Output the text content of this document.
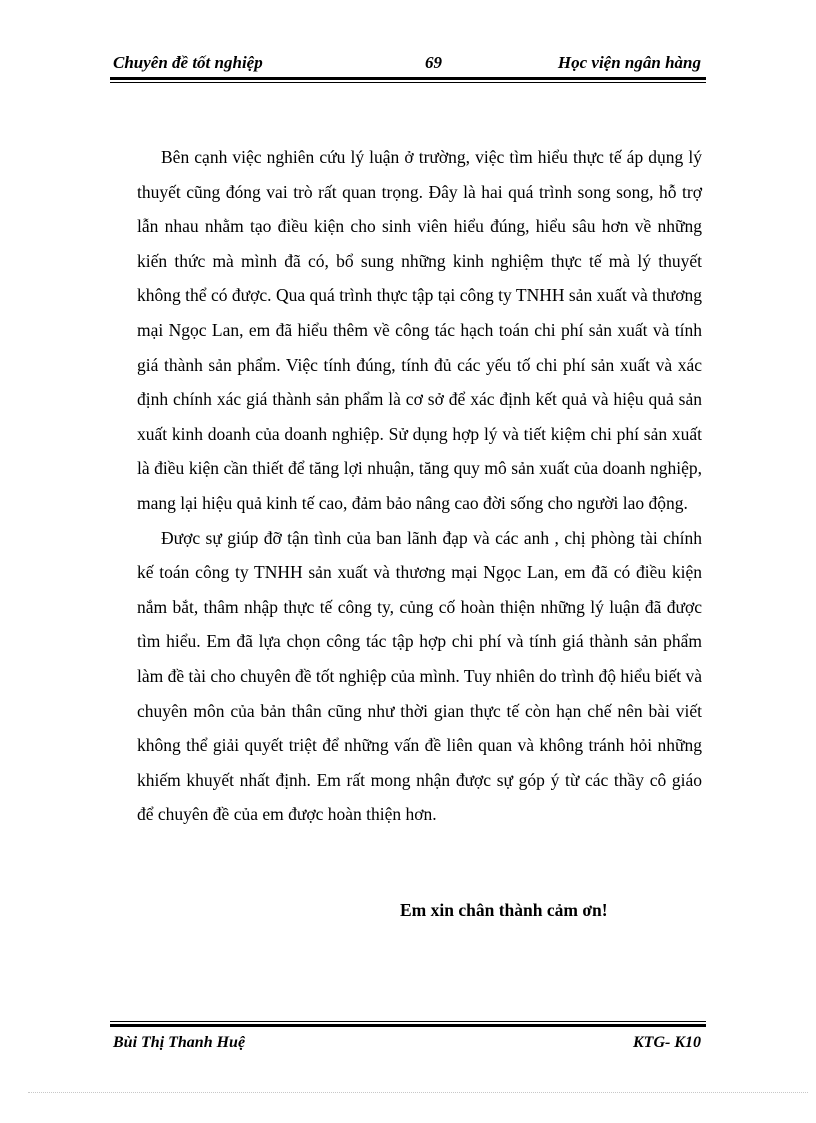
Chuyên đề tốt nghiệp	69	Học viện ngân hàng

Bên cạnh việc nghiên cứu lý luận ở trường, việc tìm hiểu thực tế áp dụng lý thuyết cũng đóng vai trò rất quan trọng. Đây là hai quá trình song song, hỗ trợ lẫn nhau nhằm tạo điều kiện cho sinh viên hiểu đúng, hiểu sâu hơn về những kiến thức mà mình đã có, bổ sung những kinh nghiệm thực tế mà lý thuyết không thể có được. Qua quá trình thực tập tại công ty TNHH sản xuất và thương mại Ngọc Lan, em đã hiểu thêm về công tác hạch toán chi phí sản xuất và tính giá thành sản phẩm. Việc tính đúng, tính đủ các yếu tố chi phí sản xuất và xác định chính xác giá thành sản phẩm là cơ sở để xác định kết quả và hiệu quả sản xuất kinh doanh của doanh nghiệp. Sử dụng hợp lý và tiết kiệm chi phí sản xuất là điều kiện cần thiết để tăng lợi nhuận, tăng quy mô sản xuất của doanh nghiệp, mang lại hiệu quả kinh tế cao, đảm bảo nâng cao đời sống cho người lao động.

Được sự giúp đỡ tận tình của ban lãnh đạp và các anh , chị phòng tài chính kế toán công ty TNHH sản xuất và thương mại Ngọc Lan, em đã có điều kiện nắm bắt, thâm nhập thực tế công ty, củng cố hoàn thiện những lý luận đã được tìm hiểu. Em đã lựa chọn công tác tập hợp chi phí và tính giá thành sản phẩm làm đề tài cho chuyên đề tốt nghiệp của mình. Tuy nhiên do trình độ hiểu biết và chuyên môn của bản thân cũng như thời gian thực tế còn hạn chế nên bài viết không thể giải quyết triệt để những vấn đề liên quan và không tránh hỏi những khiếm khuyết nhất định. Em rất mong nhận được sự góp ý từ các thầy cô giáo để chuyên đề của em được hoàn thiện hơn.

Em xin chân thành cảm ơn!
Bùi Thị Thanh Huệ	KTG- K10
